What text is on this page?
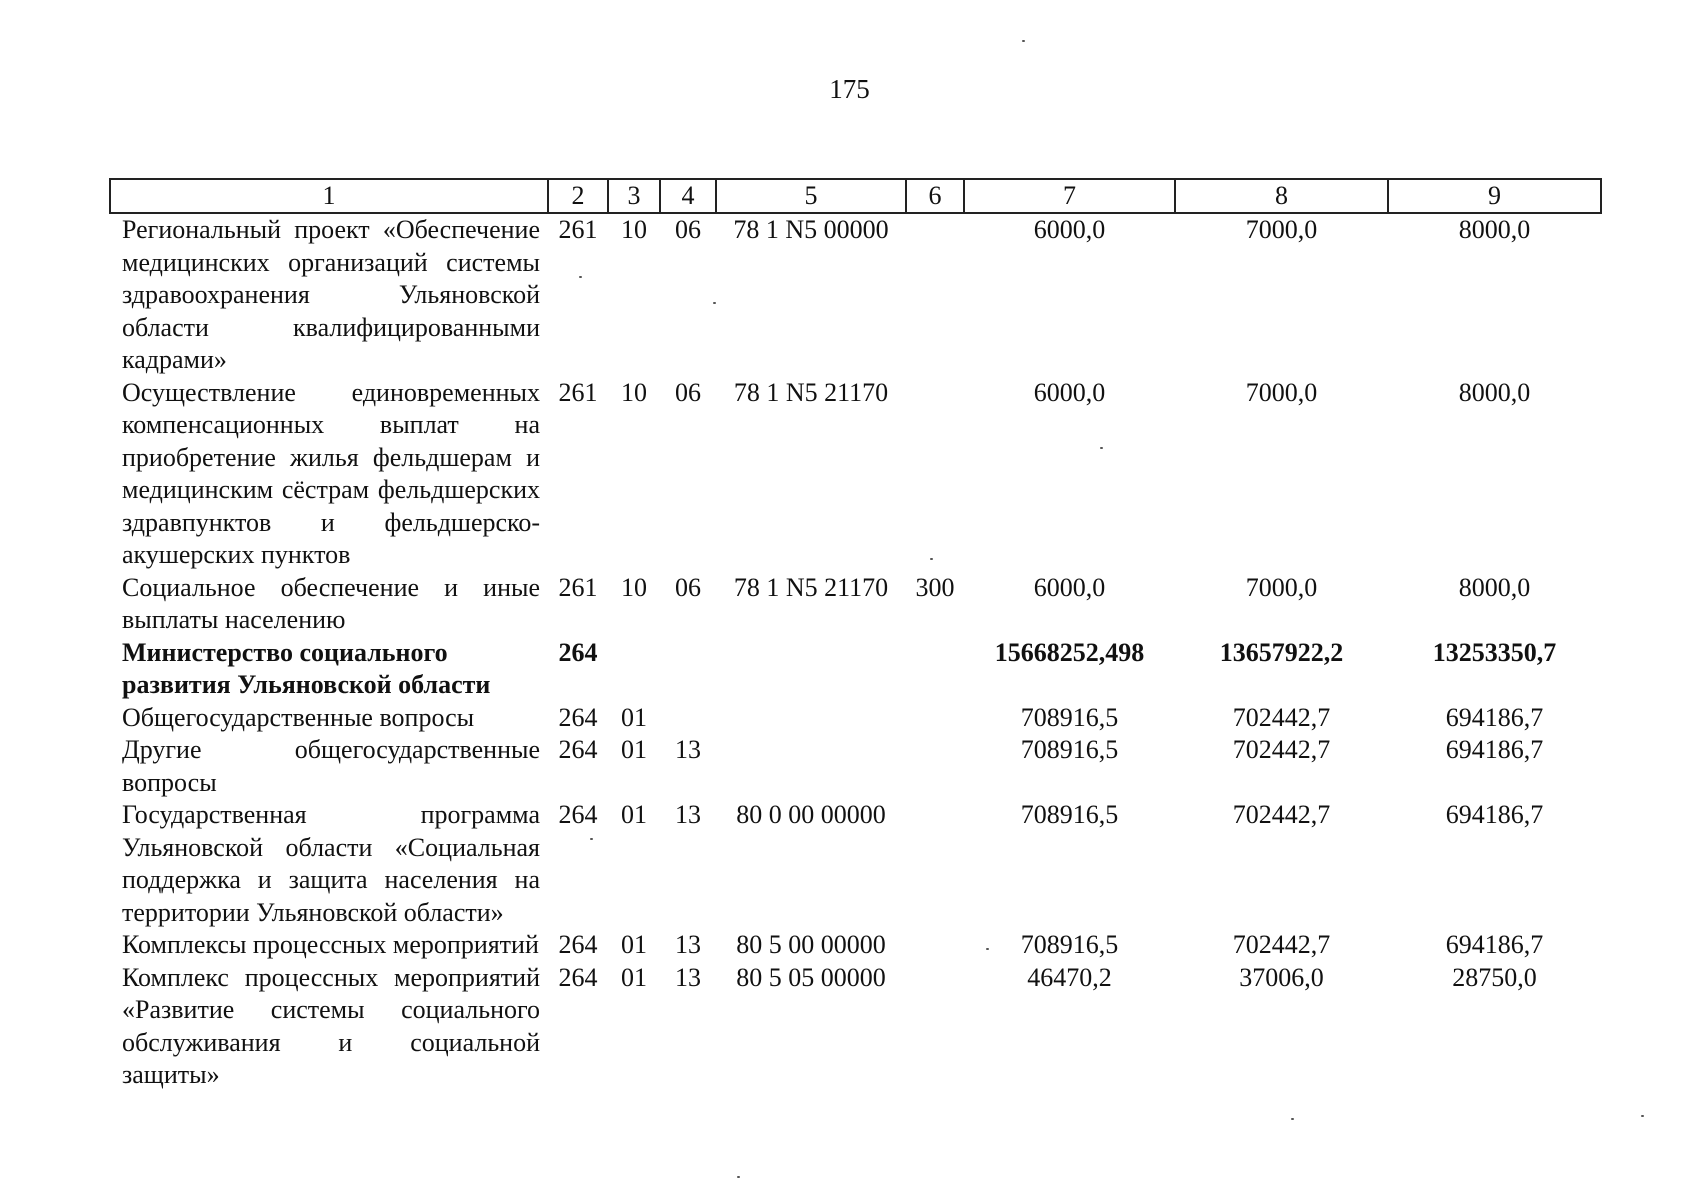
175
1	2	3	4	5	6	7	8	9
Региональный проект «Обеспечение медицинских организаций системы здравоохранения Ульяновской области квалифицированными кадрами»	261	10	06	78 1 N5 00000		6000,0	7000,0	8000,0
Осуществление единовременных компенсационных выплат на приобретение жилья фельдшерам и медицинским сёстрам фельдшерских здравпунктов и фельдшерско-акушерских пунктов	261	10	06	78 1 N5 21170		6000,0	7000,0	8000,0
Социальное обеспечение и иные выплаты населению	261	10	06	78 1 N5 21170	300	6000,0	7000,0	8000,0
Министерство социального развития Ульяновской области	264					15668252,498	13657922,2	13253350,7
Общегосударственные вопросы	264	01				708916,5	702442,7	694186,7
Другие общегосударственные вопросы	264	01	13			708916,5	702442,7	694186,7
Государственная программа Ульяновской области «Социальная поддержка и защита населения на территории Ульяновской области»	264	01	13	80 0 00 00000		708916,5	702442,7	694186,7
Комплексы процессных мероприятий	264	01	13	80 5 00 00000		708916,5	702442,7	694186,7
Комплекс процессных мероприятий «Развитие системы социального обслуживания и социальной защиты»	264	01	13	80 5 05 00000		46470,2	37006,0	28750,0
